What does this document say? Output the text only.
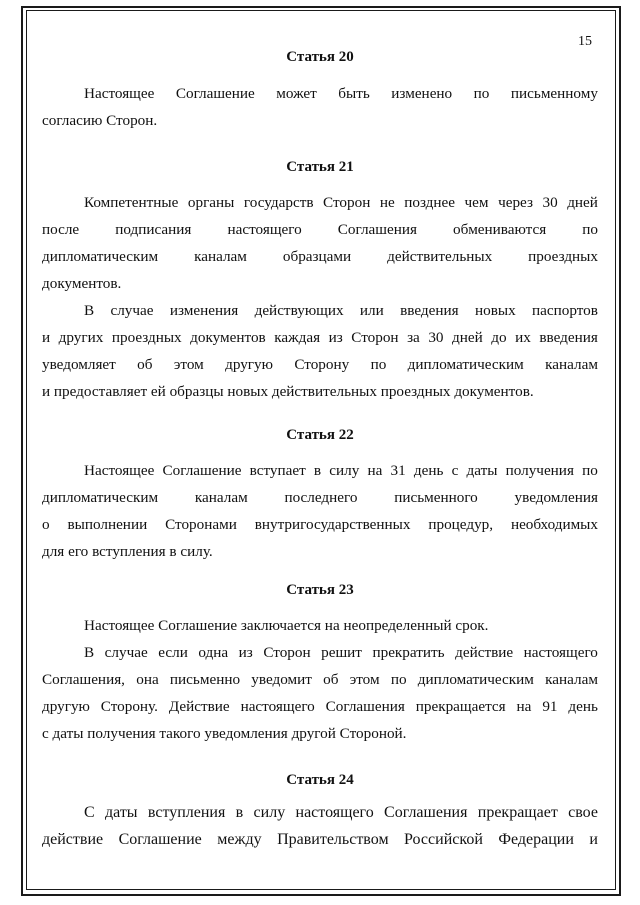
15
Статья 20
Настоящее Соглашение может быть изменено по письменному
согласию Сторон.
Статья 21
Компетентные органы государств Сторон не позднее чем через 30 дней
после подписания настоящего Соглашения обмениваются по
дипломатическим каналам образцами действительных проездных
документов.
В случае изменения действующих или введения новых паспортов
и других проездных документов каждая из Сторон за 30 дней до их введения
уведомляет об этом другую Сторону по дипломатическим каналам
и предоставляет ей образцы новых действительных проездных документов.
Статья 22
Настоящее Соглашение вступает в силу на 31 день с даты получения по
дипломатическим каналам последнего письменного уведомления
о выполнении Сторонами внутригосударственных процедур, необходимых
для его вступления в силу.
Статья 23
Настоящее Соглашение заключается на неопределенный срок.
В случае если одна из Сторон решит прекратить действие настоящего
Соглашения, она письменно уведомит об этом по дипломатическим каналам
другую Сторону. Действие настоящего Соглашения прекращается на 91 день
с даты получения такого уведомления другой Стороной.
Статья 24
С даты вступления в силу настоящего Соглашения прекращает свое
действие Соглашение между Правительством Российской Федерации и
